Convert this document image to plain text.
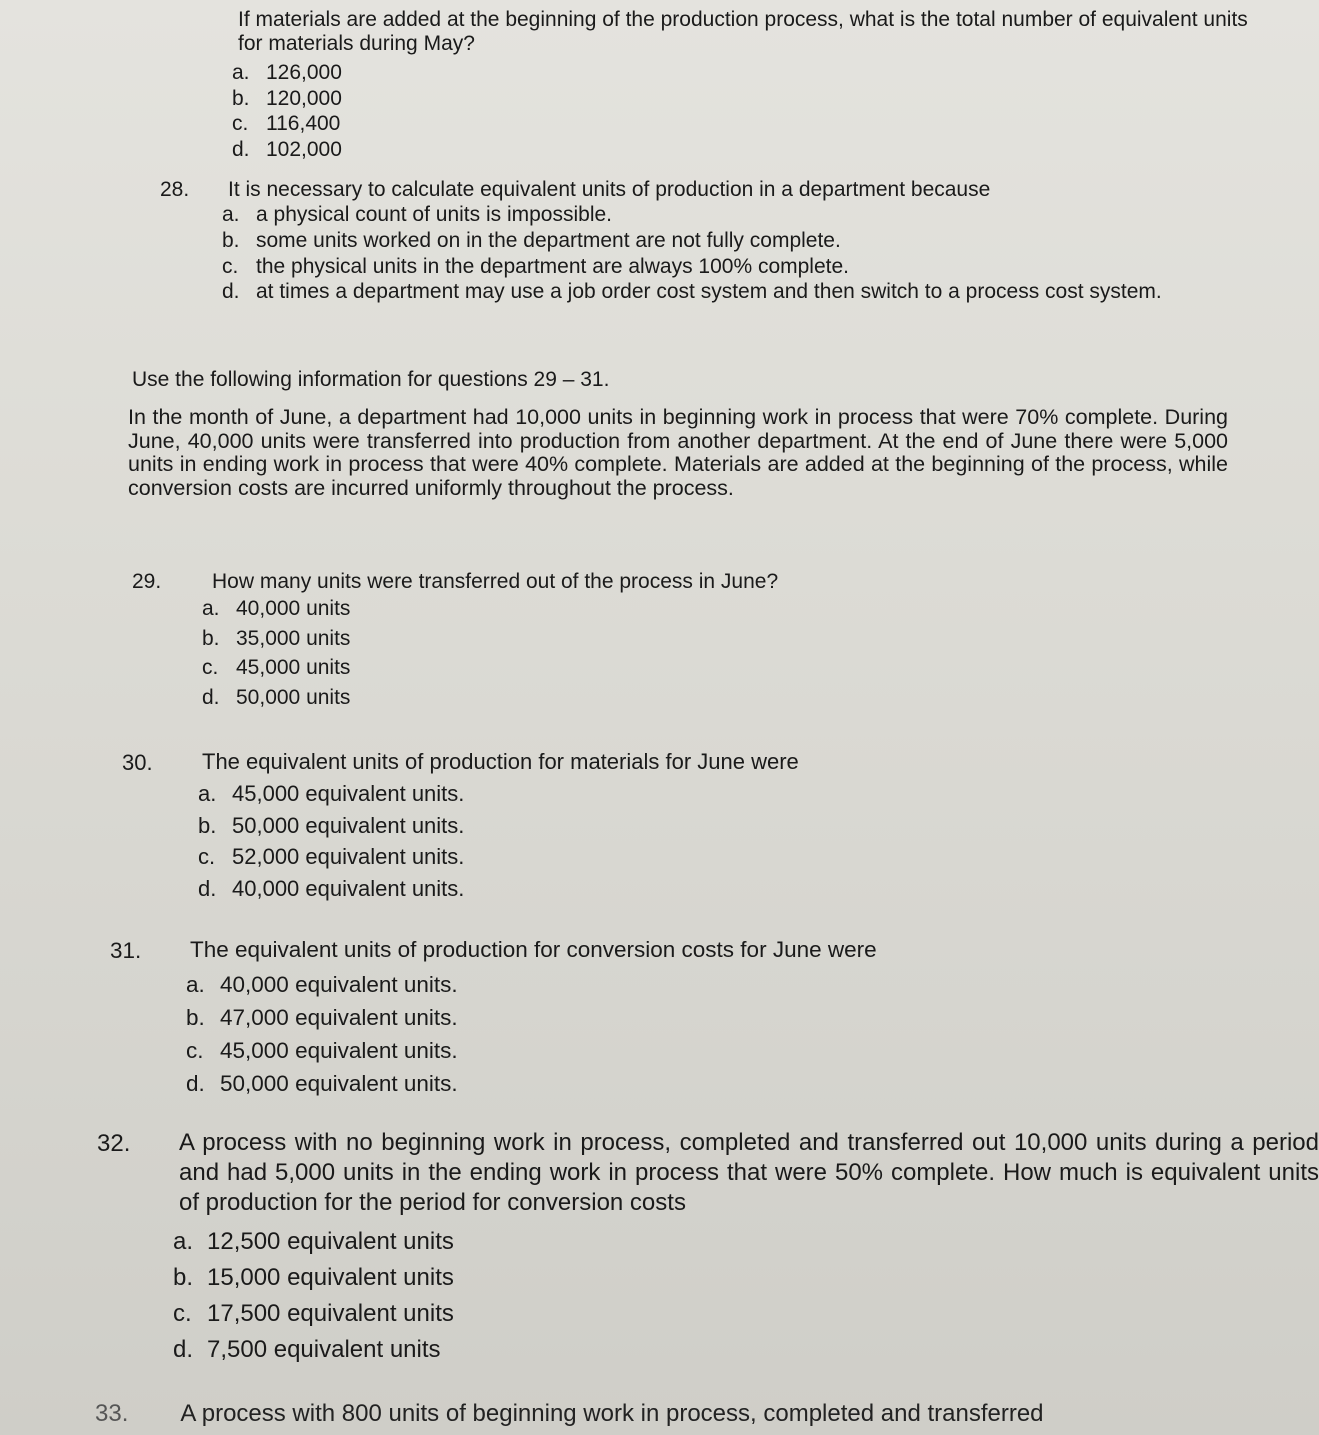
If materials are added at the beginning of the production process, what is the total number of equivalent units for materials during May?
a. 126,000
b. 120,000
c. 116,400
d. 102,000
28.	It is necessary to calculate equivalent units of production in a department because
a. a physical count of units is impossible.
b. some units worked on in the department are not fully complete.
c. the physical units in the department are always 100% complete.
d. at times a department may use a job order cost system and then switch to a process cost system.
Use the following information for questions 29 – 31.
In the month of June, a department had 10,000 units in beginning work in process that were 70% complete. During June, 40,000 units were transferred into production from another department. At the end of June there were 5,000 units in ending work in process that were 40% complete. Materials are added at the beginning of the process, while conversion costs are incurred uniformly throughout the process.
29.	How many units were transferred out of the process in June?
a. 40,000 units
b. 35,000 units
c. 45,000 units
d. 50,000 units
30.	The equivalent units of production for materials for June were
a. 45,000 equivalent units.
b. 50,000 equivalent units.
c. 52,000 equivalent units.
d. 40,000 equivalent units.
31.	The equivalent units of production for conversion costs for June were
a. 40,000 equivalent units.
b. 47,000 equivalent units.
c. 45,000 equivalent units.
d. 50,000 equivalent units.
32.	A process with no beginning work in process, completed and transferred out 10,000 units during a period and had 5,000 units in the ending work in process that were 50% complete. How much is equivalent units of production for the period for conversion costs
a. 12,500 equivalent units
b. 15,000 equivalent units
c. 17,500 equivalent units
d. 7,500 equivalent units
33. A process with 800 units of beginning work in process, completed and transferred
